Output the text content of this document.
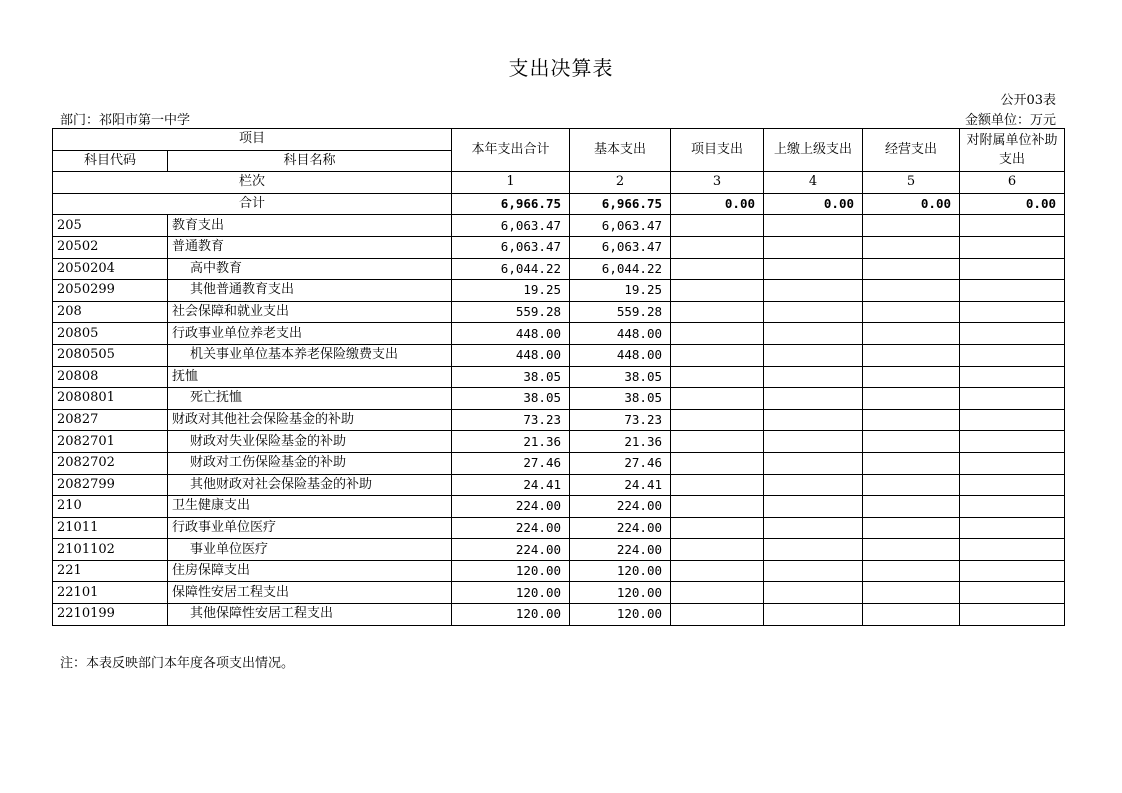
支出决算表
公开03表
部门：祁阳市第一中学	金额单位：万元
项目		本年支出合计	基本支出	项目支出	上缴上级支出	经营支出	对附属单位补助支出
科目代码	科目名称						
栏次		1	2	3	4	5	6
合计		6,966.75	6,966.75	0.00	0.00	0.00	0.00
205	教育支出	6,063.47	6,063.47				
20502	普通教育	6,063.47	6,063.47				
2050204	高中教育	6,044.22	6,044.22				
2050299	其他普通教育支出	19.25	19.25				
208	社会保障和就业支出	559.28	559.28				
20805	行政事业单位养老支出	448.00	448.00				
2080505	机关事业单位基本养老保险缴费支出	448.00	448.00				
20808	抚恤	38.05	38.05				
2080801	死亡抚恤	38.05	38.05				
20827	财政对其他社会保险基金的补助	73.23	73.23				
2082701	财政对失业保险基金的补助	21.36	21.36				
2082702	财政对工伤保险基金的补助	27.46	27.46				
2082799	其他财政对社会保险基金的补助	24.41	24.41				
210	卫生健康支出	224.00	224.00				
21011	行政事业单位医疗	224.00	224.00				
2101102	事业单位医疗	224.00	224.00				
221	住房保障支出	120.00	120.00				
22101	保障性安居工程支出	120.00	120.00				
2210199	其他保障性安居工程支出	120.00	120.00				
注：本表反映部门本年度各项支出情况。
